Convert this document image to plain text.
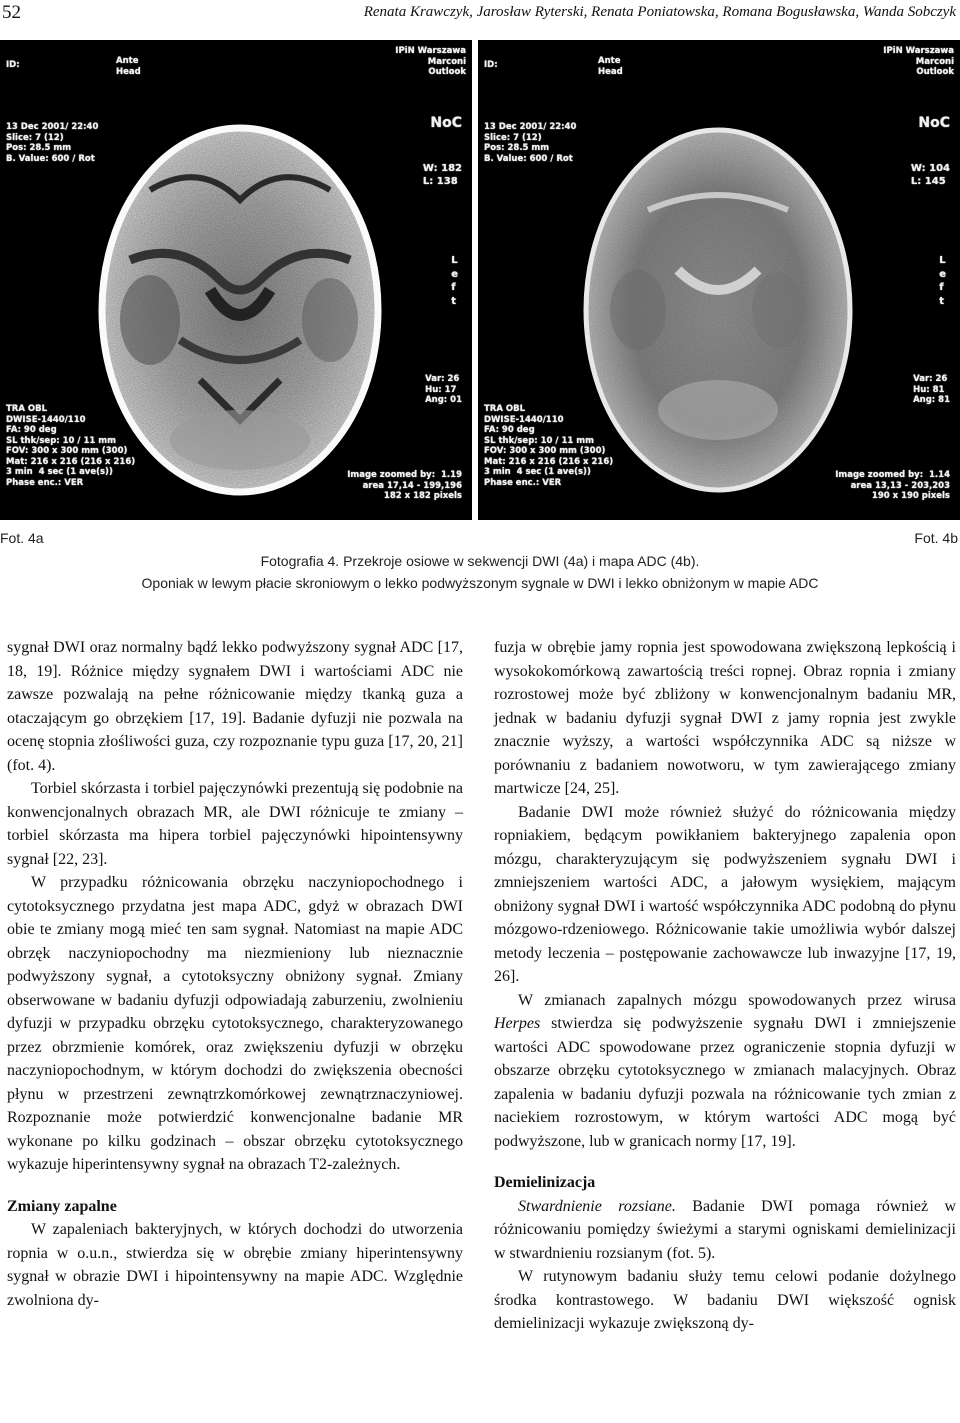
52	Renata Krawczyk, Jarosław Ryterski, Renata Poniatowska, Romana Bogusławska, Wanda Sobczyk
ID:	Ante
Head
IPiN Warszawa
Marconi
Outlook
13 Dec 2001/ 22:40
Slice: 7 (12)
Pos: 28.5 mm
B. Value: 600 / Rot
NoC
W: 182
L: 138
L
e
f
t
TRA OBL
DWISE-1440/110
FA: 90 deg
SL thk/sep: 10 / 11 mm
FOV: 300 x 300 mm (300)
Mat: 216 x 216 (216 x 216)
3 min  4 sec (1 ave(s))
Phase enc.: VER
Var: 26
Hu: 17
Ang: 01
Image zoomed by:  1.19
area 17,14 - 199,196
182 x 182 pixels
ID:	Ante
Head
IPiN Warszawa
Marconi
Outlook
13 Dec 2001/ 22:40
Slice: 7 (12)
Pos: 28.5 mm
B. Value: 600 / Rot
NoC
W: 104
L: 145
L
e
f
t
TRA OBL
DWISE-1440/110
FA: 90 deg
SL thk/sep: 10 / 11 mm
FOV: 300 x 300 mm (300)
Mat: 216 x 216 (216 x 216)
3 min  4 sec (1 ave(s))
Phase enc.: VER
Var: 26
Hu: 81
Ang: 81
Image zoomed by:  1.14
area 13,13 - 203,203
190 x 190 pixels
Fot. 4a	Fot. 4b
Fotografia 4. Przekroje osiowe w sekwencji DWI (4a) i mapa ADC (4b).
Oponiak w lewym płacie skroniowym o lekko podwyższonym sygnale w DWI i lekko obniżonym w mapie ADC

sygnał DWI oraz normalny bądź lekko podwyższony sygnał ADC [17, 18, 19]. Różnice między sygnałem DWI i wartościami ADC nie zawsze pozwalają na pełne różnicowanie między tkanką guza a otaczającym go obrzękiem [17, 19]. Badanie dyfuzji nie pozwala na ocenę stopnia złośliwości guza, czy rozpoznanie typu guza [17, 20, 21] (fot. 4).

Torbiel skórzasta i torbiel pajęczynówki prezentują się podobnie na konwencjonalnych obrazach MR, ale DWI różnicuje te zmiany – torbiel skórzasta ma hipera torbiel pajęczynówki hipointensywny sygnał [22, 23].

W przypadku różnicowania obrzęku naczyniopochodnego i cytotoksycznego przydatna jest mapa ADC, gdyż w obrazach DWI obie te zmiany mogą mieć ten sam sygnał. Natomiast na mapie ADC obrzęk naczyniopochodny ma niezmieniony lub nieznacznie podwyższony sygnał, a cytotoksyczny obniżony sygnał. Zmiany obserwowane w badaniu dyfuzji odpowiadają zaburzeniu, zwolnieniu dyfuzji w przypadku obrzęku cytotoksycznego, charakteryzowanego przez obrzmienie komórek, oraz zwiększeniu dyfuzji w obrzęku naczyniopochodnym, w którym dochodzi do zwiększenia obecności płynu w przestrzeni zewnątrzkomórkowej zewnątrznaczyniowej. Rozpoznanie może potwierdzić konwencjonalne badanie MR wykonane po kilku godzinach – obszar obrzęku cytotoksycznego wykazuje hiperintensywny sygnał na obrazach T2-zależnych.

Zmiany zapalne

W zapaleniach bakteryjnych, w których dochodzi do utworzenia ropnia w o.u.n., stwierdza się w obrębie zmiany hiperintensywny sygnał w obrazie DWI i hipointensywny na mapie ADC. Względnie zwolniona dy-

fuzja w obrębie jamy ropnia jest spowodowana zwiększoną lepkością i wysokokomórkową zawartością treści ropnej. Obraz ropnia i zmiany rozrostowej może być zbliżony w konwencjonalnym badaniu MR, jednak w badaniu dyfuzji sygnał DWI z jamy ropnia jest zwykle znacznie wyższy, a wartości współczynnika ADC są niższe w porównaniu z badaniem nowotworu, w tym zawierającego zmiany martwicze [24, 25].

Badanie DWI może również służyć do różnicowania między ropniakiem, będącym powikłaniem bakteryjnego zapalenia opon mózgu, charakteryzującym się podwyższeniem sygnału DWI i zmniejszeniem wartości ADC, a jałowym wysiękiem, mającym obniżony sygnał DWI i wartość współczynnika ADC podobną do płynu mózgowo-rdzeniowego. Różnicowanie takie umożliwia wybór dalszej metody leczenia – postępowanie zachowawcze lub inwazyjne [17, 19, 26].

W zmianach zapalnych mózgu spowodowanych przez wirusa Herpes stwierdza się podwyższenie sygnału DWI i zmniejszenie wartości ADC spowodowane przez ograniczenie stopnia dyfuzji w obszarze obrzęku cytotoksycznego w zmianach malacyjnych. Obraz zapalenia w badaniu dyfuzji pozwala na różnicowanie tych zmian z naciekiem rozrostowym, w którym wartości ADC mogą być podwyższone, lub w granicach normy [17, 19].

Demielinizacja

Stwardnienie rozsiane. Badanie DWI pomaga również w różnicowaniu pomiędzy świeżymi a starymi ogniskami demielinizacji w stwardnieniu rozsianym (fot. 5).

W rutynowym badaniu służy temu celowi podanie dożylnego środka kontrastowego. W badaniu DWI większość ognisk demielinizacji wykazuje zwiększoną dy-
